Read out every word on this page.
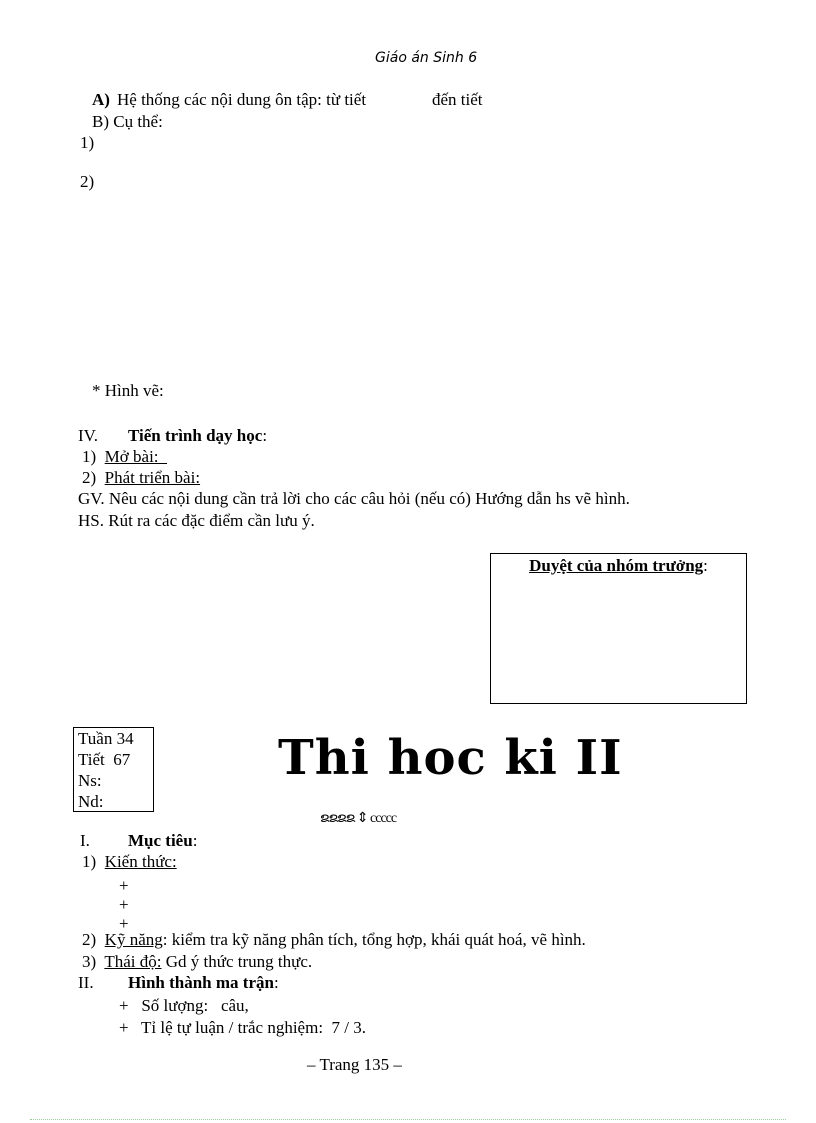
Giáo án Sinh 6
A) Hệ thống các nội dung ôn tập: từ tiết	đến tiết
B) Cụ thể:
1)
2)
* Hình vẽ:
IV. Tiến trình dạy học:
1) Mở bài:
2) Phát triển bài:
GV. Nêu các nội dung cần trả lời cho các câu hỏi (nếu có) Hướng dẫn hs vẽ hình.
HS. Rút ra các đặc điểm cần lưu ý.
Duyệt của nhóm trưởng:
Tuần 34
Tiết  67
Ns:
Nd:
Thi hoc ki II
ຂຂຂຂ ⇕ ccccc
I. Mục tiêu:
1) Kiến thức:
+
+
+
2) Kỹ năng: kiểm tra kỹ năng phân tích, tổng hợp, khái quát hoá, vẽ hình.
3) Thái độ: Gd ý thức trung thực.
II. Hình thành ma trận:
+ Số lượng:   câu,
+ Tỉ lệ tự luận / trắc nghiệm:  7 / 3.
– Trang 135 –
